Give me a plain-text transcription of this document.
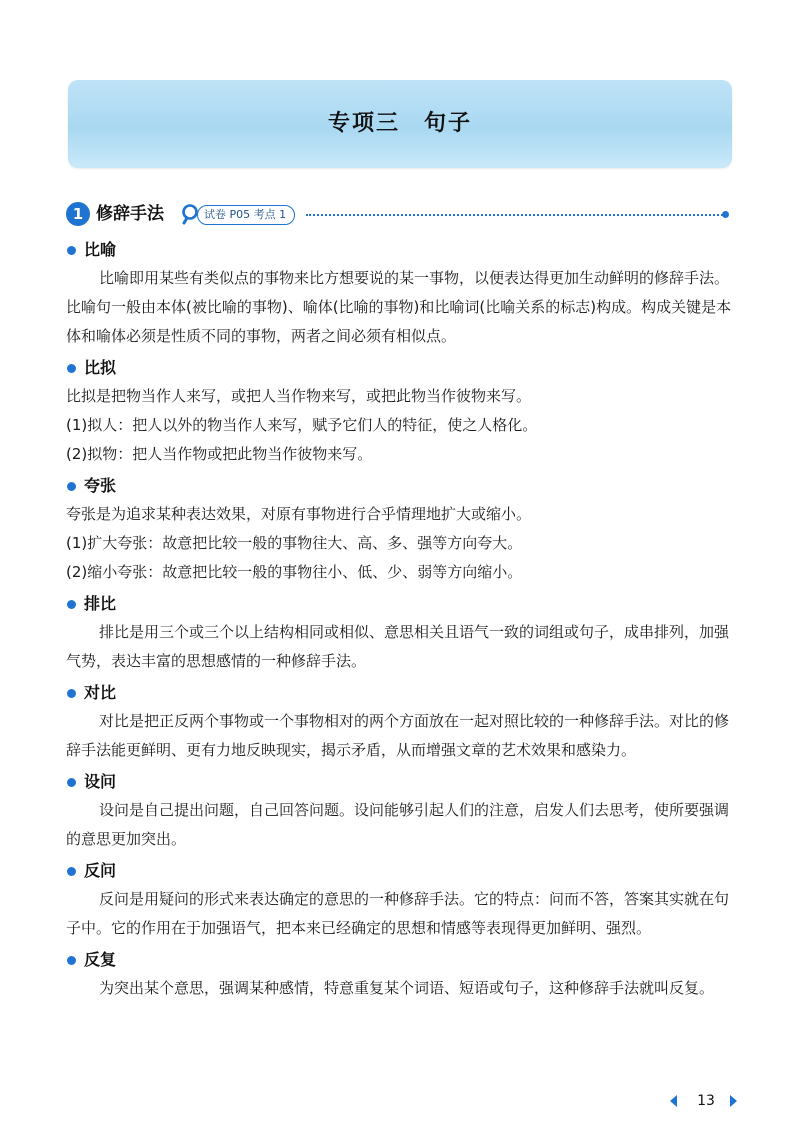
专项三 句子
1 修辞手法	试卷 P05 考点 1
比喻

比喻即用某些有类似点的事物来比方想要说的某一事物，以便表达得更加生动鲜明的修辞手法。比喻句一般由本体(被比喻的事物)、喻体(比喻的事物)和比喻词(比喻关系的标志)构成。构成关键是本体和喻体必须是性质不同的事物，两者之间必须有相似点。

比拟

比拟是把物当作人来写，或把人当作物来写，或把此物当作彼物来写。

(1)拟人：把人以外的物当作人来写，赋予它们人的特征，使之人格化。

(2)拟物：把人当作物或把此物当作彼物来写。

夸张

夸张是为追求某种表达效果，对原有事物进行合乎情理地扩大或缩小。

(1)扩大夸张：故意把比较一般的事物往大、高、多、强等方向夸大。

(2)缩小夸张：故意把比较一般的事物往小、低、少、弱等方向缩小。

排比

排比是用三个或三个以上结构相同或相似、意思相关且语气一致的词组或句子，成串排列，加强气势，表达丰富的思想感情的一种修辞手法。

对比

对比是把正反两个事物或一个事物相对的两个方面放在一起对照比较的一种修辞手法。对比的修辞手法能更鲜明、更有力地反映现实，揭示矛盾，从而增强文章的艺术效果和感染力。

设问

设问是自己提出问题，自己回答问题。设问能够引起人们的注意，启发人们去思考，使所要强调的意思更加突出。

反问

反问是用疑问的形式来表达确定的意思的一种修辞手法。它的特点：问而不答，答案其实就在句子中。它的作用在于加强语气，把本来已经确定的思想和情感等表现得更加鲜明、强烈。

反复

为突出某个意思，强调某种感情，特意重复某个词语、短语或句子，这种修辞手法就叫反复。

13
